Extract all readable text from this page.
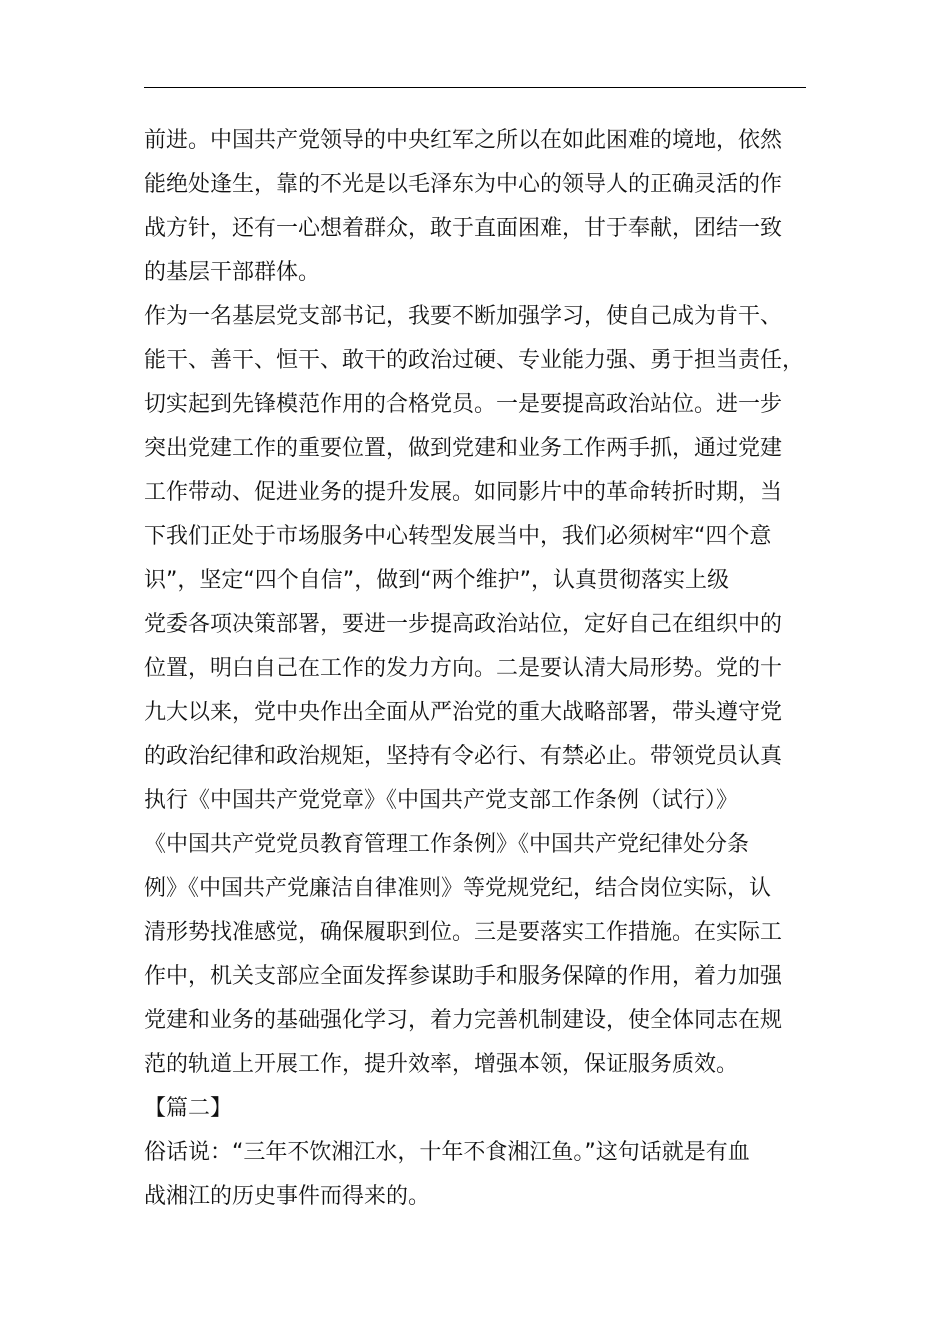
前进。中国共产党领导的中央红军之所以在如此困难的境地，依然
能绝处逢生，靠的不光是以毛泽东为中心的领导人的正确灵活的作
战方针，还有一心想着群众，敢于直面困难，甘于奉献，团结一致
的基层干部群体。
作为一名基层党支部书记，我要不断加强学习，使自己成为肯干、
能干、善干、恒干、敢干的政治过硬、专业能力强、勇于担当责任，
切实起到先锋模范作用的合格党员。一是要提高政治站位。进一步
突出党建工作的重要位置，做到党建和业务工作两手抓，通过党建
工作带动、促进业务的提升发展。如同影片中的革命转折时期，当
下我们正处于市场服务中心转型发展当中，我们必须树牢“四个意
识”，坚定“四个自信”，做到“两个维护”，认真贯彻落实上级
党委各项决策部署，要进一步提高政治站位，定好自己在组织中的
位置，明白自己在工作的发力方向。二是要认清大局形势。党的十
九大以来，党中央作出全面从严治党的重大战略部署，带头遵守党
的政治纪律和政治规矩，坚持有令必行、有禁必止。带领党员认真
执行《中国共产党党章》《中国共产党支部工作条例（试行）》
《中国共产党党员教育管理工作条例》《中国共产党纪律处分条
例》《中国共产党廉洁自律准则》等党规党纪，结合岗位实际，认
清形势找准感觉，确保履职到位。三是要落实工作措施。在实际工
作中，机关支部应全面发挥参谋助手和服务保障的作用，着力加强
党建和业务的基础强化学习，着力完善机制建设，使全体同志在规
范的轨道上开展工作，提升效率，增强本领，保证服务质效。
【篇二】
俗话说：“三年不饮湘江水，十年不食湘江鱼。”这句话就是有血
战湘江的历史事件而得来的。
